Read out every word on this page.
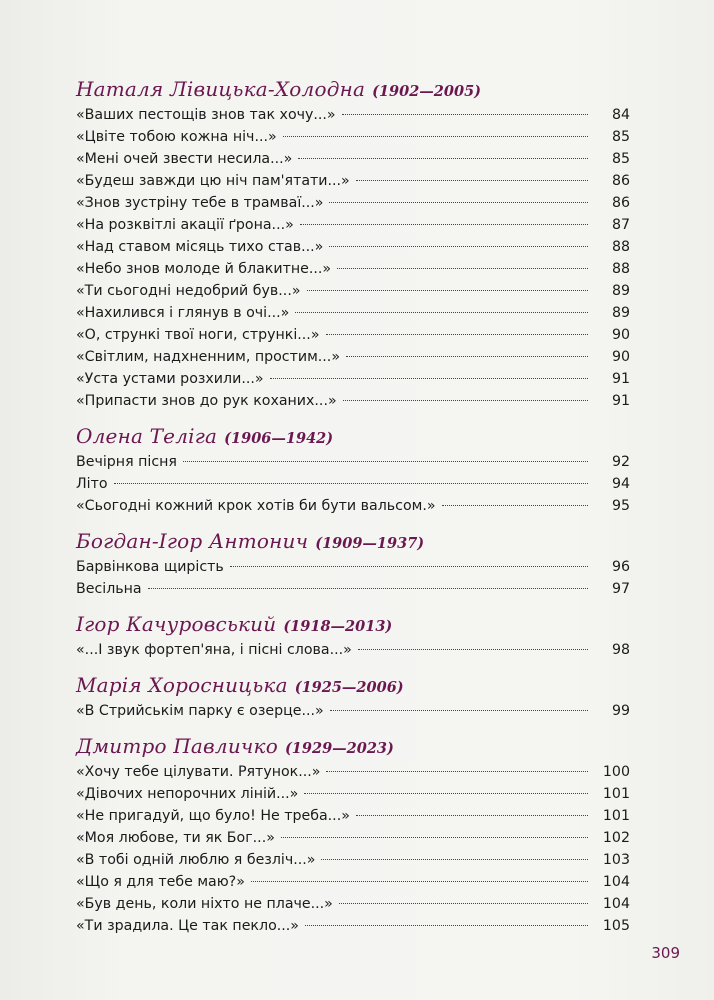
Наталя Лівицька-Холодна (1902—2005)
«Ваших пестощів знов так хочу...»	84
«Цвіте тобою кожна ніч...»	85
«Мені очей звести несила...»	85
«Будеш завжди цю ніч пам'ятати...»	86
«Знов зустріну тебе в трамваї...»	86
«На розквітлі акації ґрона...»	87
«Над ставом місяць тихо став...»	88
«Небо знов молоде й блакитне...»	88
«Ти сьогодні недобрий був...»	89
«Нахилився і глянув в очі...»	89
«О, стрункі твої ноги, стрункі...»	90
«Світлим, надхненним, простим...»	90
«Уста устами розхили...»	91
«Припасти знов до рук коханих...»	91
Олена Теліга (1906—1942)
Вечірня пісня	92
Літо	94
«Сьогодні кожний крок хотів би бути вальсом.»	95
Богдан-Ігор Антонич (1909—1937)
Барвінкова щирість	96
Весільна	97
Ігор Качуровський (1918—2013)
«...І звук фортеп'яна, і пісні слова...»	98
Марія Хоросницька (1925—2006)
«В Стрийськім парку є озерце...»	99
Дмитро Павличко (1929—2023)
«Хочу тебе цілувати. Рятунок...»	100
«Дівочих непорочних ліній...»	101
«Не пригадуй, що було! Не треба...»	101
«Моя любове, ти як Бог...»	102
«В тобі одній люблю я безліч...»	103
«Що я для тебе маю?»	104
«Був день, коли ніхто не плаче...»	104
«Ти зрадила. Це так пекло...»	105
309
